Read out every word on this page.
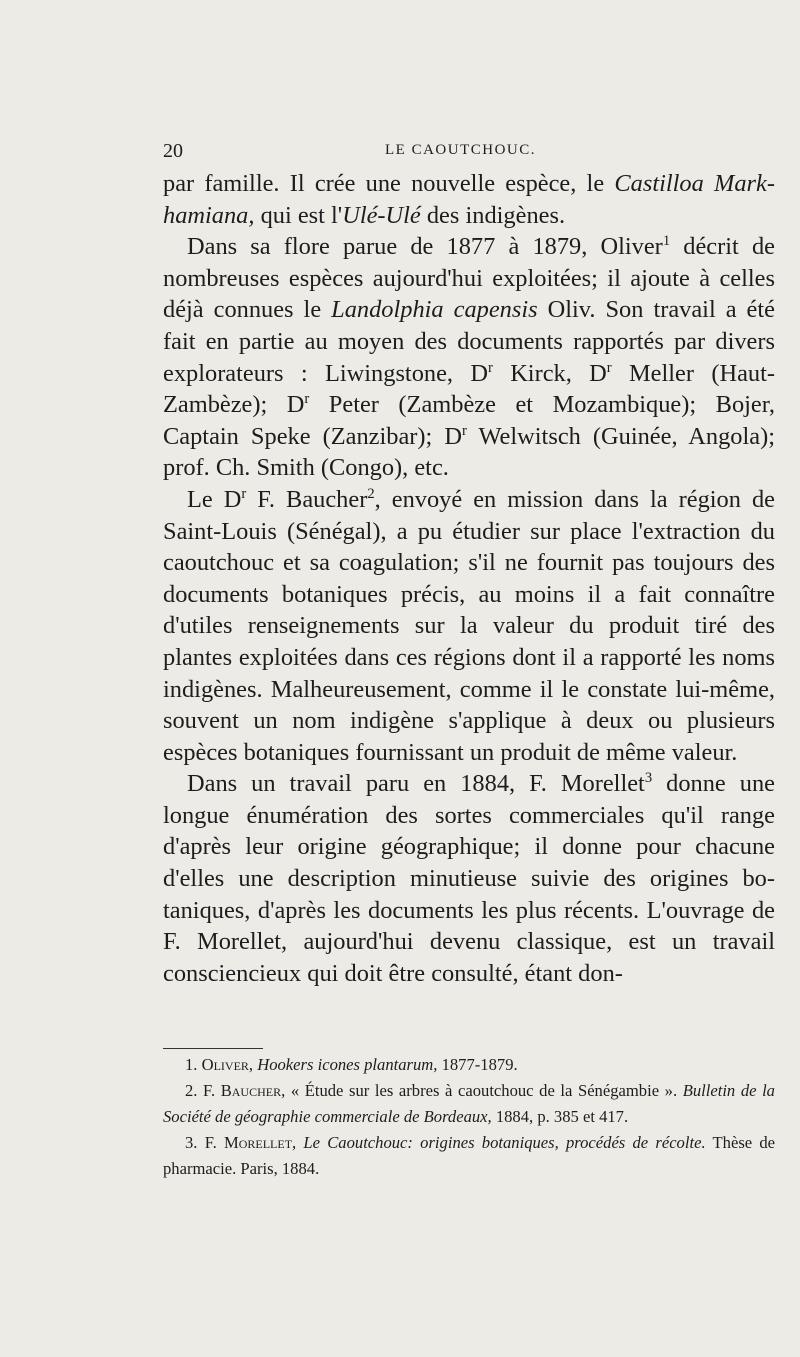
20	LE CAOUTCHOUC.

par famille. Il crée une nouvelle espèce, le Castilloa Markhamiana, qui est l'Ulé-Ulé des indigènes.

Dans sa flore parue de 1877 à 1879, Oliver$^1$ décrit de nombreuses espèces aujourd'hui exploitées; il ajoute à celles déjà connues le Landolphia capensis Oliv. Son travail a été fait en partie au moyen des documents rapportés par divers explorateurs : Liwingstone, $D^r$ Kirck, $D^r$ Meller (Haut-Zambèze); $D^r$ Peter (Zambèze et Mozambique); Bojer, Captain Speke (Zanzibar); $D^r$ Welwitsch (Guinée, Angola); prof. Ch. Smith (Congo), etc.

Le $D^r$ F. Baucher$^2$, envoyé en mission dans la région de Saint-Louis (Sénégal), a pu étudier sur place l'extraction du caoutchouc et sa coagulation; s'il ne fournit pas toujours des documents botaniques précis, au moins il a fait connaître d'utiles renseignements sur la valeur du produit tiré des plantes exploitées dans ces régions dont il a rapporté les noms indigènes. Malheureusement, comme il le constate lui-même, souvent un nom indigène s'applique à deux ou plusieurs espèces botaniques fournissant un produit de même valeur.

Dans un travail paru en 1884, F. Morellet$^3$ donne une longue énumération des sortes commerciales qu'il range d'après leur origine géographique; il donne pour chacune d'elles une description minutieuse suivie des origines botaniques, d'après les documents les plus récents. L'ouvrage de F. Morellet, aujourd'hui devenu classique, est un travail consciencieux qui doit être consulté, étant don-

1. Oliver, Hookers icones plantarum, 1877-1879.

2. F. Baucher, « Étude sur les arbres à caoutchouc de la Sénégambie ». Bulletin de la Société de géographie commerciale de Bordeaux, 1884, p. 385 et 417.

3. F. Morellet, Le Caoutchouc: origines botaniques, procédés de récolte. Thèse de pharmacie. Paris, 1884.
